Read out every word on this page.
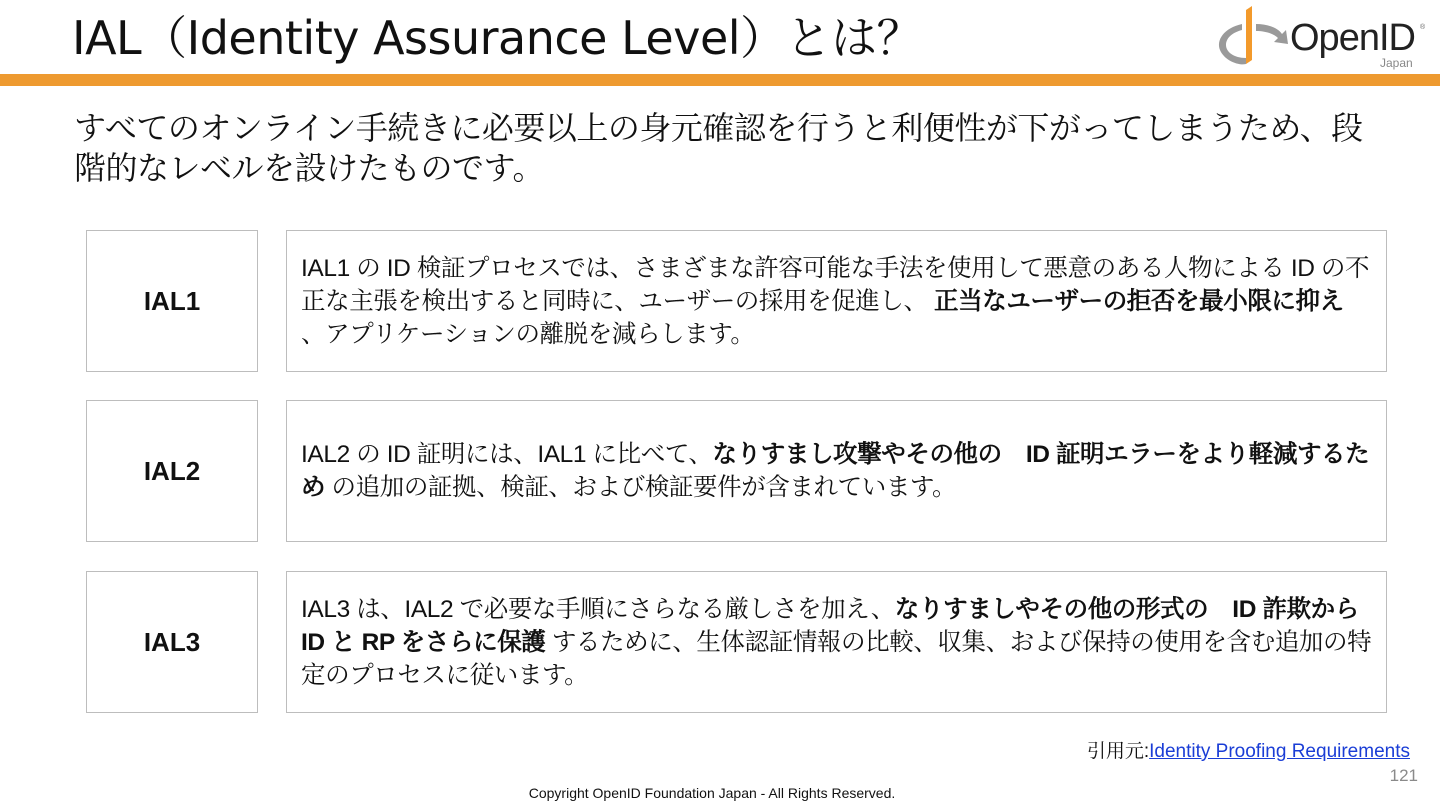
IAL（Identity Assurance Level）とは？	OpenID ®
Japan
すべてのオンライン手続きに必要以上の身元確認を行うと利便性が下がってしまうため、段階的なレベルを設けたものです。
IAL1
IAL1 の ID 検証プロセスでは、さまざまな許容可能な手法を使用して悪意のある人物による ID の不正な主張を検出すると同時に、ユーザーの採用を促進し、 正当なユーザーの拒否を最小限に抑え 、アプリケーションの離脱を減らします。
IAL2
IAL2 の ID 証明には、IAL1 に比べて、なりすまし攻撃やその他の　ID 証明エラーをより軽減するため の追加の証拠、検証、および検証要件が含まれています。
IAL3
IAL3 は、IAL2 で必要な手順にさらなる厳しさを加え、なりすましやその他の形式の　ID 詐欺から ID と RP をさらに保護 するために、生体認証情報の比較、収集、および保持の使用を含む追加の特定のプロセスに従います。
引用元:Identity Proofing Requirements
121
Copyright OpenID Foundation Japan - All Rights Reserved.
